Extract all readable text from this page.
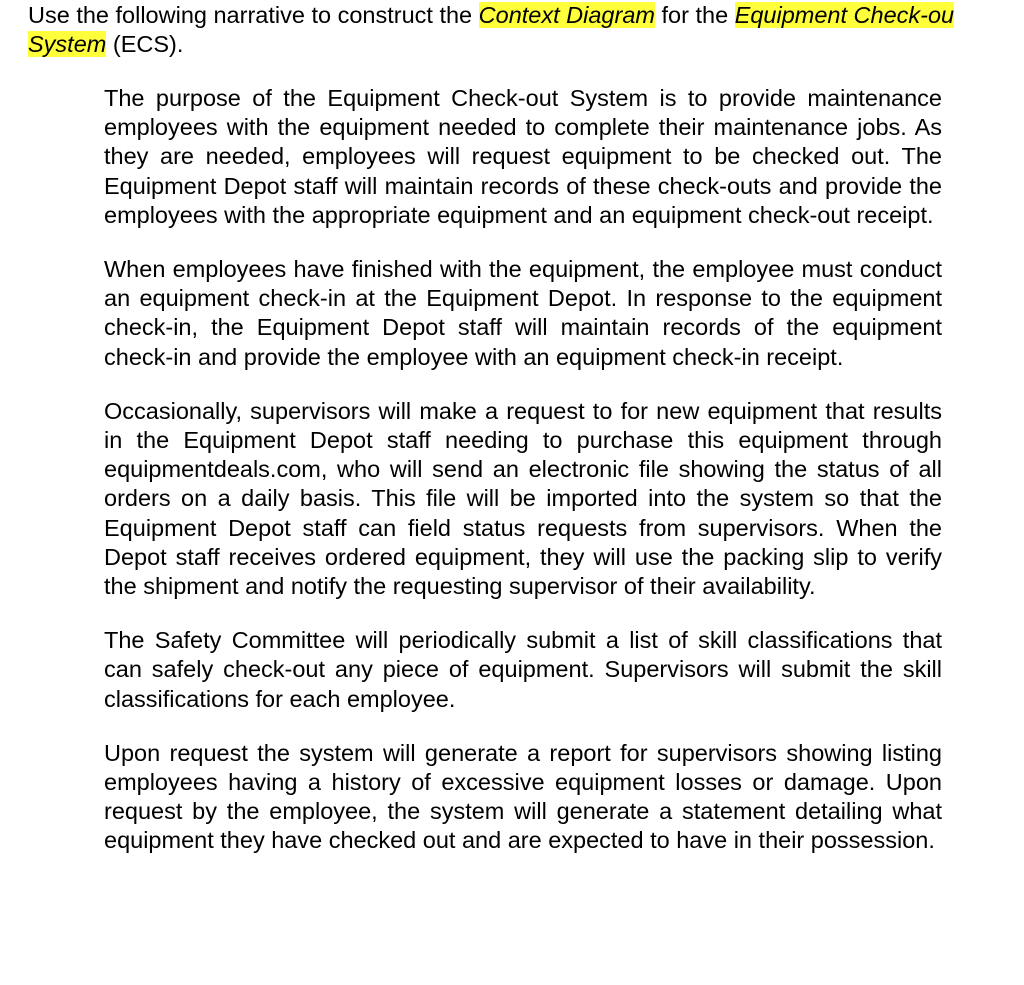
Use the following narrative to construct the Context Diagram for the Equipment Check-ou
System (ECS).

The purpose of the Equipment Check-out System is to provide maintenance employees with the equipment needed to complete their maintenance jobs. As they are needed, employees will request equipment to be checked out. The Equipment Depot staff will maintain records of these check-outs and provide the employees with the appropriate equipment and an equipment check-out receipt.

When employees have finished with the equipment, the employee must conduct an equipment check-in at the Equipment Depot. In response to the equipment check-in, the Equipment Depot staff will maintain records of the equipment check-in and provide the employee with an equipment check-in receipt.

Occasionally, supervisors will make a request to for new equipment that results in the Equipment Depot staff needing to purchase this equipment through equipmentdeals.com, who will send an electronic file showing the status of all orders on a daily basis. This file will be imported into the system so that the Equipment Depot staff can field status requests from supervisors. When the Depot staff receives ordered equipment, they will use the packing slip to verify the shipment and notify the requesting supervisor of their availability.

The Safety Committee will periodically submit a list of skill classifications that can safely check-out any piece of equipment. Supervisors will submit the skill classifications for each employee.

Upon request the system will generate a report for supervisors showing listing employees having a history of excessive equipment losses or damage. Upon request by the employee, the system will generate a statement detailing what equipment they have checked out and are expected to have in their possession.
